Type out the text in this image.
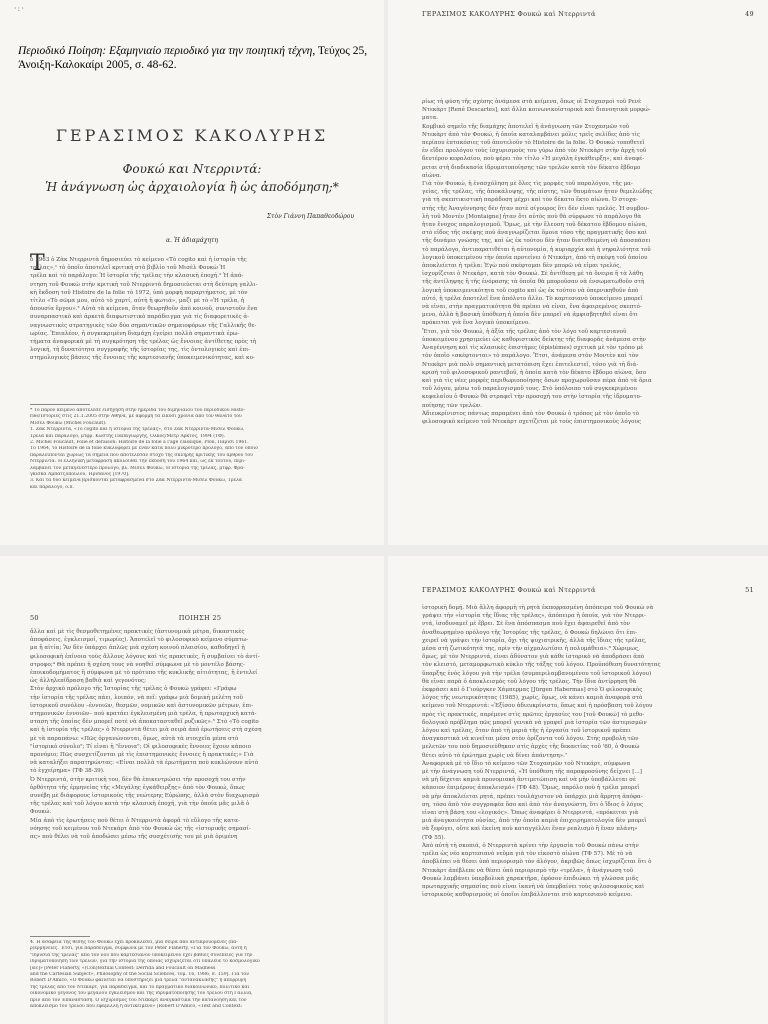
·:·
Περιοδικό Ποίηση: Εξαμηνιαίο περιοδικό για την ποιητική τέχνη, Τεύχος 25, Άνοιξη-Καλοκαίρι 2005, σ. 48-62.
ΓΕΡΑΣΙΜΟΣ ΚΑΚΟΛΥΡΗΣ
Φουκώ και Ντερριντά:
Ἡ ἀνάγνωση ὡς ἀρχαιολογία ἢ ὡς ἀποδόμηση;*
Στὸν Γιάννη Παπαθεοδώρου
α. Ἡ ἀδιαμάχητη
Τ
ὸ 1963 ὁ Ζὰκ Ντερριντὰ δημοσιεύει τὸ κείμενο «Τὸ cogito καὶ ἡ ἱστορία τῆς
τρέλας»,¹ τὸ ὁποῖο ἀποτελεῖ κριτικὴ στὸ βιβλίο τοῦ Μισὲλ Φουκὼ Ἡ
τρέλα καὶ τὸ παράλογο: Ἡ ἱστορία τῆς τρέλας τὴν κλασικὴ ἐποχή.² Ἡ ἀπά-
ντηση τοῦ Φουκὼ στὴν κριτικὴ τοῦ Ντερριντὰ δημοσιεύεται στὴ δεύτερη γαλλι-
κὴ ἔκδοση τοῦ Histoire de la folie τὸ 1972, ὑπὸ μορφὴ παραρτήματος, μὲ τὸν
τίτλο «Τὸ σῶμα μου, αὐτὸ τὸ χαρτί, αὐτὴ ἡ φωτιά», μαζὶ μὲ τὸ «Ἡ τρέλα, ἡ
ἀπουσία ἔργου».³ Αὐτὰ τὰ κείμενα, ὅταν θεωρηθοῦν ἀπὸ κοινοῦ, συνιστοῦν ἕνα
συναρπαστικὸ καὶ ἀρκετὰ διαφωτιστικὸ παράδειγμα γιὰ τὶς διαφορετικὲς ἀ-
ναγνωστικὲς στρατηγικὲς τῶν δύο σημαντικῶν σημαιοφόρων τῆς Γαλλικῆς θε-
ωρίας. Ἐπιπλέον, ἡ συγκεκριμένη διαμάχη ἐγείρει πολλὰ σημαντικὰ ἐρω-
τήματα ἀναφορικὰ μὲ τὴ συγκρότηση τῆς τρέλας ὡς ἔννοιας ἀντίθετης πρὸς τὴ
λογική, τὴ δυνατότητα συγγραφῆς τῆς ἱστορίας της, τὶς ὀντολογικὲς καὶ ἐπι-
στημολογικὲς βάσεις τῆς ἔννοιας τῆς καρτεσιανῆς ὑποκειμενικότητας, καὶ κυ-
* Τὸ παρὸν κείμενο ἀποτέλεσε εἰσήγηση στὴν ἡμερίδα τοῦ διμηνιαίου τοῦ περιοδικοῦ Histo-
ries/Ἱστορίες στὶς 21.1.2005 στὴν Ἀθήνα, μὲ ἀφορμὴ τὰ εἴκοσι χρόνια ἀπὸ τὸν θάνατο τοῦ
Μισὲλ Φουκὼ (Michel Foucault).
1. Ζὰκ Ντερριντά, «Τὸ cogito καὶ ἡ ἱστορία τῆς τρέλας», στὸ Ζὰκ Ντερριντὰ-Μισὲλ Φουκώ,
Τρέλα καὶ παράλογο, μτφρ. Κωστής Παπαγιώργης, Ὀλκὸς/Μετρ Ἄρκτος, 1994 (ΤΦ).
2. Michel Foucault, Folie et déraison: Histoire de la folie à l'âge classique, Plon, Παρίσι 1961.
Τὸ 1964, τὸ Histoire de la folie κυκλοφορεῖ μὲ ἕναν κατὰ πολὺ μικρότερο πρόλογο, ἀπὸ τὸν ὁποῖο
παραλείπονται χωρίως τὰ σημεῖα ποὺ ἀποτέλεσαν στόχο τῆς σκληρῆς κριτικῆς τοῦ ἄρθρου τοῦ
Ντερριντά. Ἡ ἑλληνικὴ μετάφραση ἀκολουθεῖ τὴν ἔκδοση τοῦ 1964 καὶ, ὡς ἐκ τούτου, περι-
λαμβάνει τὸν μεταγενέστερο πρόλογο, βλ. Μισὲλ Φουκώ, Ἡ ἱστορία τῆς τρέλας, μτφρ. Φρα-
γκίσκα Ἀμπατζοπούλου, Ἡριδανός [1970].
3. Καὶ τὰ δύο κείμενα βρίσκονται μεταφρασμένα στὸ Ζὰκ Ντερριντὰ-Μισὲλ Φουκώ, Τρέλα
καὶ παράλογο, ὅ.π.
ΓΕΡΑΣΙΜΟΣ ΚΑΚΟΛΥΡΗΣ Φουκώ καὶ Ντερριντά	49
ρίως τὴ φύση τῆς σχέσης ἀνάμεσα στὰ κείμενα, ὅπως οἱ Στοχασμοὶ τοῦ Ρενὲ
Ντεκὰρτ [René Descartes], καὶ ἄλλα κοινωνικοϊστορικὰ καὶ διανοητικὰ μορφώ-
ματα.
Κομβικὸ σημεῖο τῆς διαμάχης ἀποτελεῖ ἡ ἀνάγνωση τῶν Στοχασμῶν τοῦ
Ντεκὰρτ ἀπὸ τὸν Φουκώ, ἡ ὁποία καταλαμβάνει μόλις τρεῖς σελίδες ἀπὸ τὶς
περίπου ἑπτακόσιες τοῦ ἀποτελοῦν τὸ Histoire de la folie. Ὁ Φουκὼ τοποθετεῖ
ἐν εἴδει προλόγου τοὺς ἰσχυρισμοὺς του γύρω ἀπὸ τὸν Ντεκὰρτ στὴν ἀρχὴ τοῦ
δευτέρου κεφαλαίου, ποὺ φέρει τὸν τίτλο «Ἡ μεγάλη ἐγκάθειρξη», καὶ ἀναφέ-
ρεται στὴ διαδικασία ἱδρυματοποίησης τῶν τρελῶν κατὰ τὸν δέκατο ἕβδομο
αἰώνα.
Γιὰ τὸν Φουκώ, ἡ ἐνασχόληση μὲ ὅλες τὶς μορφὲς τοῦ παραλόγου, τῆς μα-
γείας, τῆς τρέλας, τῆς ἀποκάλυψης, τῆς πίστης, τῶν θαυμάτων ἦταν θεμελιώδης
γιὰ τὴ σκεπτικιστικὴ παράδοση μέχρι καὶ τὸν δέκατο ἕκτο αἰώνα. Ὁ στοχα-
στὴς τῆς Ἀναγέννησης δὲν ἦταν ποτὲ σίγουρος ὅτι δὲν εἶναι τρελός. Ἡ συμβου-
λὴ τοῦ Μοντὲν [Montaigne] ἦταν ὅτι αὐτὸς ποὺ θὰ σύρφωσε τὸ παράλογο θὰ
ἦταν ἔνοχος παραλογισμοῦ. Ὅμως, μὲ τὴν ἔλευση τοῦ δέκατου ἕβδομου αἰώνα,
στὸ εἶδος τῆς σκέψης ποὺ ἀναγνωρίζεται ὅμοια τόσο τῆς πραγματικῆς ὅσο καὶ
τῆς δυνάμει γνώσης της, καὶ ὡς ἐκ τούτου δὲν ἦταν διατεθειμένη νὰ ἀποσπάσει
τὸ παράλογο, ἀντιπαρατιθέται ἡ αὐτονομία, ἡ κυριαρχία καὶ ἡ νηφαλιότητα τοῦ
λογικοῦ ὑποκειμένου τὴν ὁποία προτείνει ὁ Ντεκάρτ, ἀπὸ τὴ σκέψη τοῦ ὁποίου
ἀποκλείεται ἡ τρέλα: Ἐγὼ ποὺ σκέφτομαι δὲν μπορῶ νὰ εἶμαι τρελός,
ἰσχυρίζεται ὁ Ντεκάρτ, κατὰ τὸν Φουκώ. Σὲ ἀντίθεση μὲ τὰ ὄνειρα ἢ τὰ λάθη
τῆς ἀντίληψης ἢ τῆς ἐνόρασης τὰ ὁποῖα θὰ μποροῦσαν νὰ ἐνσωματωθοῦν στὴ
λογικὴ ὑποκειμενικότητα τοῦ cogito καὶ ὡς ἐκ τούτου νὰ ὑπερνικηθοῦν ἀπὸ
αὐτό, ἡ τρέλα ἀποτελεῖ ἕνα ἀπόλυτο ἄλλο. Τὸ καρτεσιανὸ ὑποκείμενο μπορεῖ
νὰ εἶναι, στὴν πραγματικότητα θὰ πρέπει νὰ εἶναι, ἕνα ἀφαιρεμένος σκεπτό-
μενο, ἀλλὰ ἡ βασικὴ ὑπόθεση ἡ ὁποία δὲν μπορεῖ νὰ ἀμφισβητηθεῖ εἶναι ὅτι
πρόκειται γιὰ ἕνα λογικὸ ὑποκείμενο.
Ἔτσι, γιὰ τὸν Φουκώ, ἡ ἀξία τῆς τρέλας ἀπὸ τὸν λόγο τοῦ καρτεσιανοῦ
ὑποκειμένου χρησιμεύει ὡς καθοριστικὸς δείκτης τῆς διαφορᾶς ἀνάμεσα στὴν
Ἀναγέννηση καὶ τὶς κλασικὲς ἐπιστήμες (épistémes) σχετικὰ μὲ τὸν τρόπο μὲ
τὸν ὁποῖο «σκέφτονται» τὸ παράλογο. Ἔτσι, ἀνάμεσα στὸν Μοντὲν καὶ τὸν
Ντεκὰρτ μιὰ πολὺ σημαντικὴ μετατόπιση ἔχει ἐπιτελεστεῖ, τόσο γιὰ τὴ διά-
κρισή τοῦ φιλοσοφικοῦ ραντεβοῦ, ἡ ὁποία κατὰ τὸν δέκατο ἕβδομο αἰώνα, ὅσο
καὶ γιὰ τὶς νέες μορφὲς περιθωριοποίησης ὅσων προχωροῦσαν πέρα ἀπὸ τὰ ὅρια
τοῦ λόγου, μέσω τοῦ παραλογισμοῦ τους. Στὸ ὑπόλοιπο τοῦ συγκεκριμένου
κεφαλαίου ὁ Φουκὼ θὰ στραφεῖ τὴν προσοχή του στὴν ἱστορία τῆς ἱδρυματο-
ποίησης τῶν τρελῶν.
Ἀδιευκρίνιστος πάντως παραμένει ἀπὸ τὸν Φουκὼ ὁ τρόπος μὲ τὸν ὁποῖο τὸ
φιλοσοφικὸ κείμενο τοῦ Ντεκὰρτ σχετίζεται μὲ τοὺς ἐπιστημονικοὺς λόγους
50	ΠΟΙΗΣΗ 25
ἄλλα καὶ μὲ τὶς θεσμοθετημένες πρακτικὲς (ἀστυνομικὰ μέτρα, δικαστικὲς
ἀποφάσεις, ἐγκλεισμοί, τιμωρίες). Ἀποτελεῖ τὸ φιλοσοφικὸ κείμενο σύμπτω-
μα ἢ αἰτία; Ἂν δὲν ὑπάρχει ἁπλῶς μιὰ σχέση κοινοῦ πλαισίου, καθοδηγεῖ ἡ
φιλοσοφικὴ ἐπίνοια τοὺς ἄλλους λόγους καὶ τὶς πρακτικές, ἢ συμβαίνει τὸ ἀντί-
στροφο;⁴ Θὰ πρέπει ἡ σχέση τους νὰ νοηθεῖ σύμφωνα μὲ τὸ μοντέλο βάσης-
ἐποικοδομήματος ἢ σύμφωνα μὲ τὸ πρότυπο τῆς κυκλικῆς αἰτιότητας, ἢ ἐντελεί
ὡς ἀλληλεπίδραση βαθιὰ καὶ γεγονότος;
Στὸν ἀρχικὸ πρόλογο τῆς Ἱστορίας τῆς τρέλας ὁ Φουκὼ γράφει: «Γράφω
τὴν ἱστορία τῆς τρέλας πάει, λοιπόν, νὰ πεῖ: γράφω μιὰ δομικὴ μελέτη τοῦ
ἱστορικοῦ συνόλου –ἐννοιῶν, θεσμῶν, νομικῶν καὶ ἀστυνομικῶν μέτρων, ἐπι-
στημονικῶν ἐννοιῶν– ποὺ κρατάει ἐγκλεισμένη μιὰ τρέλα, ἡ πρωταρχικὴ κατά-
σταση τῆς ὁποίας δὲν μπορεῖ ποτὲ νὰ ἀποκατασταθεῖ ρυζικῶς».⁵ Στὸ «Τὸ cogito
καὶ ἡ ἱστορία τῆς τρέλας» ὁ Ντερριντὰ θέτει μιὰ σειρὰ ἀπὸ ἐρωτήσεις στὴ σχέση
μὲ τὰ παραπάνω: «Πῶς ὀργανώνονται, ὅμως, αὐτὰ τὰ στοιχεῖα μέσα στὸ
"ἱστορικὸ σύνολο"; Τί εἶναι ἡ "ἔννοια"; Οἱ φιλοσοφικὲς ἔννοιες ἔχουν κάποιο
προνόμιο; Πῶς συσχετίζονται μὲ τὶς ἐπιστημονικὲς ἔννοιες ἢ πρακτικές;» Γιὰ
νὰ καταλήξει παρατηρώντας: «Εἶναι πολλὰ τὰ ἐρωτήματα ποὺ κυκλώνουν αὐτὸ
τὸ ἐγχείρημα» (ΤΦ 38-39).
Ὁ Ντερριντά, στὴν κριτικὴ του, δὲν θὰ ἐπικεντρώσει τὴν προσοχή του στὴν
ὀρθότητα τῆς ἑρμηνείας τῆς «Μεγάλης ἐγκάθειρξης» ἀπὸ τὸν Φουκώ, ὅπως
συνέβη μὲ διάφορους ἱστορικοὺς τῆς νεώτερης Εὐρώπης, ἀλλὰ στὸν διαχωρισμὸ
τῆς τρέλας καὶ τοῦ λόγου κατὰ τὴν κλασικὴ ἐποχή, γιὰ τὴν ὁποία μᾶς μιλᾶ ὁ
Φουκώ.
Μία ἀπὸ τὶς ἐρωτήσεις ποὺ θέτει ὁ Ντερριντὰ ἀφορᾶ τὸ εὔλογο τῆς κατα-
νόησης τοῦ κειμένου τοῦ Ντεκὰρτ ἀπὸ τὸν Φουκὼ ὡς τῆς «ἱστορικῆς σημασί-
ας» ποὺ θέλει νὰ τοῦ ἀποδώσει μέσω τῆς συσχέτισής του μὲ μιὰ ὁριμένη
4. Ἡ ἀσάφεια τῆς θέσης τοῦ Φουκὼ ἔχει προκαλέσει, μιὰ σειρὰ ἀπὸ ἀντικρουόμενες (πα-
ρ)ερμηνείες. Ἔτσι, γιὰ παράδειγμα, σύμφωνα μὲ τὸν Peter Flaherty, «Γιὰ τὸν Φουκώ, αὐτὴ ἡ
"ἱδρυσία τῆς τρέλας" ἀπὸ τὸν νοῦ ποὺ καρτεσιανοῦ ὑποκειμένου ἔχει βαθιὲς συνέπειες γιὰ τὴν
ἱδρυματοποίηση τῶν τρελῶν, γιὰ τὴν ἱστορία τῆς ὁποίας ἰσχυρίζεται ὅτι ὑπάλευε τὸ κοσμολογικό
[sic]» [Peter Flaherty, «(Con)textual Contest: Derrida and Foucault on Madness
and the Cartesian Subject», Philosophy of the Social Sciences, τόμ. 16, 1986, σ. 159]. Γιὰ τὸν
Robert D'Amico, «Ὁ Φουκὼ φαίνεται νὰ ὑποστηρίζει μιὰ τρέλα "ἀντανάκλασης" ἡ ἀπόρριψη
τῆς τρέλας ἀπὸ τὸν Ντεκάρτ, γιὰ παράδειγμα, καὶ τὸ πραγματικὸ διακοινωνικό, πολιτικὸ καὶ
οἰκονομικὸ γεγονὸς τοῦ μεγάλου ἐγκλεισμοῦ καὶ τῆς ἱδρυματοποίησης τοῦ τρελοῦ στὴ Γαλλία,
πρὶν ἀπὸ τὸν Ἐπαναστάση. Ὁ ἰσχυρισμὸς τοῦ Ντεκὰρτ ἀναγκαστικὰ τὴν κατανόηση καὶ τὸν
ἀποκλεισμὸ τοῦ τρελοῦ ποὺ ἐφάμιλλη ἢ ἀντικείμενο» (Robert D'Amico, «Text and Context:
ΓΕΡΑΣΙΜΟΣ ΚΑΚΟΛΥΡΗΣ Φουκώ καὶ Ντερριντά	51
ἱστορικὴ δομή. Μιὰ ἄλλη ἀφορμὴ τὴ ρητὰ ἐκπεφρασμένη ἀπόπειρα τοῦ Φουκὼ νὰ
γράψει τὴν «ἱστορία τῆς ἴδιας τῆς τρέλας», ἀπόπειρα ἡ ὁποία, γιὰ τὸν Ντερρι-
ντά, ἰσοδυναμεῖ μὲ ἔβρει. Σὲ ἕνα ἀπόσπασμα ποὺ ἔχει ἀφαιρεθεῖ ἀπὸ τὸν
ἀναθεωρημένο πρόλογο τῆς Ἱστορίας τῆς τρέλας, ὁ Φουκὼ δηλώνει ὅτι ἐπι-
χειρεῖ νὰ γράψει τὴν ἱστορία, ὄχι τῆς ψυχιατρικῆς, ἀλλὰ τῆς ἴδιας τῆς τρέλας,
μέσα στὴ ζωτικότητά της, πρὶν τὴν αἰχμαλωτίσει ἡ πολυμάθεια».⁶ Χώριμως,
ὅμως, μὲ τὸν Ντερριντά, εἶναι ἀδύνατον γιὰ κάθε ἱστορικὸ νὰ ἀποδράσει ἀπὸ
τὸν κλειστό, μεταμορφωτικὸ κύκλο τῆς τάξης τοῦ λόγου. Προϋπόθεση δυνατότητας
ὕπαρξης ἑνὸς λόγου γιὰ τὴν τρέλα (συμπεριλαμβανομένου τοῦ ἱστορικοῦ λόγου)
θὰ εἶναι παρὰ ὁ ἀποκλεισμὸς τοῦ λόγου τῆς τρέλας. Τὴν ἴδια ἀντίρρηση θὰ
ἐκφράσει καὶ ὁ Γιούργκεν Χάμπερμας [Jürgen Habermas] στὸ Ὁ φιλοσοφικὸς
λόγος τῆς νεωτερικότητας (1985), χωρὶς, ὅμως, νὰ κάνει καμιὰ ἀναφορὰ στὸ
κείμενο τοῦ Ντερριντά: «Ἐξίσου ἀδιευκρίνιστο, ὅπως καὶ ἡ πρόσβαση τοῦ λόγου
πρὸς τὶς πρακτικές, παρέμενε στὶς πρῶτες ἐργασίες του [τοῦ Φουκώ] τὸ μεθο-
δολογικὸ πρόβλημα πῶς μπορεῖ γενικὰ νὰ γραφεῖ μιὰ ἱστορία τῶν ἀστερισμῶν
λόγου καὶ τρέλας, ὅταν ἀπὸ τὴ μεριὰ τῆς ἡ ἐργασία τοῦ ἱστορικοῦ πρέπει
ἀναγκαστικὰ νὰ κινεῖται μέσα στὸν ὁρίζοντα τοῦ λόγου. Στὴς προβολὴ τῶν
μελετῶν του ποὺ δημοσιεύθηκαν στὶς ἀρχὲς τῆς δεκαετίας τοῦ '60, ὁ Φουκὼ
θέτει αὐτὸ τὸ ἐρώτημα χωρὶς νὰ δίνει ἀπάντηση».⁷
Ἀναφορικὰ μὲ τὸ ἴδιο τὸ κείμενο τῶν Στοχασμῶν τοῦ Ντεκάρτ, σύμφωνα
μὲ τὴν ἀνάγνωση τοῦ Ντερριντά, «Ἡ ὑπόθεση τῆς παραφροσύνης δείχνει [...]
νὰ μὴ δέχεται καμιὰ προνομιακὴ ἀντιμετώπιση καὶ νὰ μὴν ὑποβάλλεται σὲ
κάποιον ἐπιμέρους ἀποκλεισμό» (ΤΦ 48). Ὅμως, παρόλο ποὺ ἡ τρέλα μπορεῖ
νὰ μὴν ἀποκλείεται ρητά, πρέπει τουλάχιστον νὰ ὑπάρχει μιὰ ἄρρητη ἀπόφα-
ση, τόσο ἀπὸ τὸν συγγραφέα ὅσο καὶ ἀπὸ τὸν ἀναγνώστη, ὅτι ὁ ἴδιος ὁ λόγος
εἶναι στὴ βάση του «λογικός». Ὅπως ἀναφέρει ὁ Ντερριντά, «πρόκειται γιὰ
μιὰ ἀναγκαιότητα οὐσίας, ἀπὸ τὴν ὁποία καμιὰ ἐπιχειρηματολογία δὲν μπορεῖ
νὰ ξεφύγει, οὔτε καὶ ἐκείνη ποὺ καταγγέλλει ἕναν ρεαλισμὸ ἢ ἕναν πλάνη»
(ΤΦ 55).
Ἀπὸ αὐτὴ τὴ σκοπιά, ὁ Ντερριντὰ κρίνει τὴν ἐργασία τοῦ Φουκὼ πάνω στὴν
τρέλα ὡς νέο καρτεσιανὸ νεῦμα γιὰ τὸν εἰκοστὸ αἰώνα (ΤΦ 57). Μὲ τὸ νὰ
ἀποβλέπει νὰ θέσει ὑπὸ περιορισμὸ τὸν ἀλόγον, ἀκριβῶς ὅπως ἰσχυρίζεται ὅτι ὁ
Ντεκὰρτ ἀπέβλεπε νὰ θέσει ὑπὸ περιορισμὸ τὴν «τρέλα», ἡ ἀνάγνωση τοῦ
Φουκὼ λαμβάνει ὑπερβολικὰ χαρακτῆρα, ἐφόσον ἐπιδιώκει τὴ γλώσσα μιᾶς
πρωταρχικῆς σημασίας ποὺ εἶναι ἱκανὴ νὰ ὑπερβαίνει τοὺς φιλοσοφικοὺς καὶ
ἱστορικοὺς καθορισμοὺς οἱ ὁποῖοι ἐπιβάλλονται στὸ καρτεσιανὸ κείμενο.
